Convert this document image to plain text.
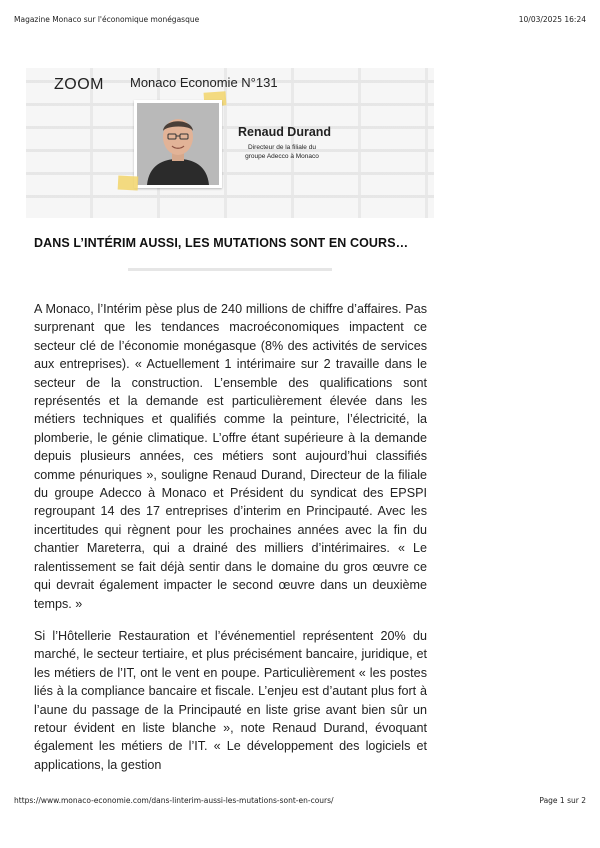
Magazine Monaco sur l'économique monégasque	10/03/2025 16:24
ZOOM Monaco Economie N°131
Renaud Durand
Directeur de la filiale du
groupe Adecco à Monaco
DANS L’INTÉRIM AUSSI, LES MUTATIONS SONT EN COURS…

A Monaco, l’Intérim pèse plus de 240 millions de chiffre d’affaires. Pas surprenant que les tendances macroéconomiques impactent ce secteur clé de l’économie monégasque (8% des activités de services aux entreprises). « Actuellement 1 intérimaire sur 2 travaille dans le secteur de la construction. L’ensemble des qualifications sont représentés et la demande est particulièrement élevée dans les métiers techniques et qualifiés comme la peinture, l’électricité, la plomberie, le génie climatique. L’offre étant supérieure à la demande depuis plusieurs années, ces métiers sont aujourd’hui classifiés comme pénuriques », souligne Renaud Durand, Directeur de la filiale du groupe Adecco à Monaco et Président du syndicat des EPSPI regroupant 14 des 17 entreprises d’interim en Principauté. Avec les incertitudes qui règnent pour les prochaines années avec la fin du chantier Mareterra, qui a drainé des milliers d’intérimaires. « Le ralentissement se fait déjà sentir dans le domaine du gros œuvre ce qui devrait également impacter le second œuvre dans un deuxième temps. »

Si l’Hôtellerie Restauration et l’événementiel représentent 20% du marché, le secteur tertiaire, et plus précisément bancaire, juridique, et les métiers de l’IT, ont le vent en poupe. Particulièrement « les postes liés à la compliance bancaire et fiscale. L’enjeu est d’autant plus fort à l’aune du passage de la Principauté en liste grise avant bien sûr un retour évident en liste blanche », note Renaud Durand, évoquant également les métiers de l’IT. « Le développement des logiciels et applications, la gestion

https://www.monaco-economie.com/dans-linterim-aussi-les-mutations-sont-en-cours/	Page 1 sur 2
